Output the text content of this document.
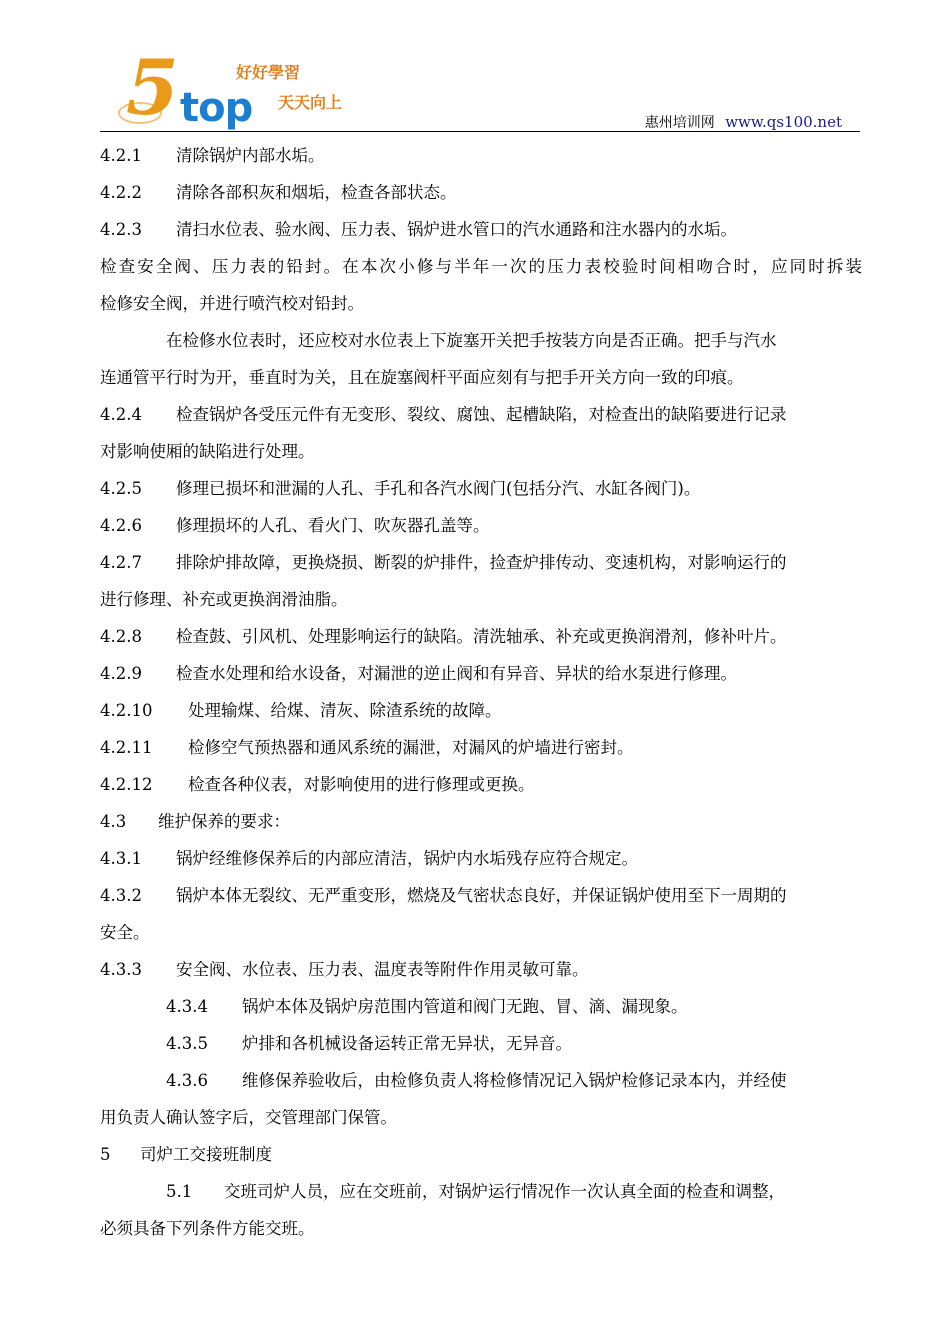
5 top
好好學習
天天向上
惠州培训网 www.qs100.net
4.2.1 清除锅炉内部水垢。
4.2.2 清除各部积灰和烟垢，检查各部状态。
4.2.3 清扫水位表、验水阀、压力表、锅炉进水管口的汽水通路和注水器内的水垢。
检查安全阀、压力表的铅封。在本次小修与半年一次的压力表校验时间相吻合时，应同时拆装
检修安全阀，并进行喷汽校对铅封。
在检修水位表时，还应校对水位表上下旋塞开关把手按装方向是否正确。把手与汽水
连通管平行时为开，垂直时为关，且在旋塞阀杆平面应刻有与把手开关方向一致的印痕。
4.2.4 检查锅炉各受压元件有无变形、裂纹、腐蚀、起槽缺陷，对检查出的缺陷要进行记录
对影响使厢的缺陷进行处理。
4.2.5 修理已损坏和泄漏的人孔、手孔和各汽水阀门(包括分汽、水缸各阀门)。
4.2.6 修理损坏的人孔、看火门、吹灰器孔盖等。
4.2.7 排除炉排故障，更换烧损、断裂的炉排件，捡查炉排传动、变速机构，对影响运行的
进行修理、补充或更换润滑油脂。
4.2.8 检查鼓、引风机、处理影响运行的缺陷。清洗轴承、补充或更换润滑剂，修补叶片。
4.2.9 检查水处理和给水设备，对漏泄的逆止阀和有异音、异状的给水泵进行修理。
4.2.10 处理输煤、给煤、清灰、除渣系统的故障。
4.2.11 检修空气预热器和通风系统的漏泄，对漏风的炉墙进行密封。
4.2.12 检查各种仪表，对影响使用的进行修理或更换。
4.3 维护保养的要求：
4.3.1 锅炉经维修保养后的内部应清洁，锅炉内水垢残存应符合规定。
4.3.2 锅炉本体无裂纹、无严重变形，燃烧及气密状态良好，并保证锅炉使用至下一周期的
安全。
4.3.3 安全阀、水位表、压力表、温度表等附件作用灵敏可靠。
4.3.4 锅炉本体及锅炉房范围内管道和阀门无跑、冒、滴、漏现象。
4.3.5 炉排和各机械设备运转正常无异状，无异音。
4.3.6 维修保养验收后，由检修负责人将检修情况记入锅炉检修记录本内，并经使
用负责人确认签字后，交管理部门保管。
5 司炉工交接班制度
5.1 交班司炉人员，应在交班前，对锅炉运行情况作一次认真全面的检查和调整，
必须具备下列条件方能交班。
